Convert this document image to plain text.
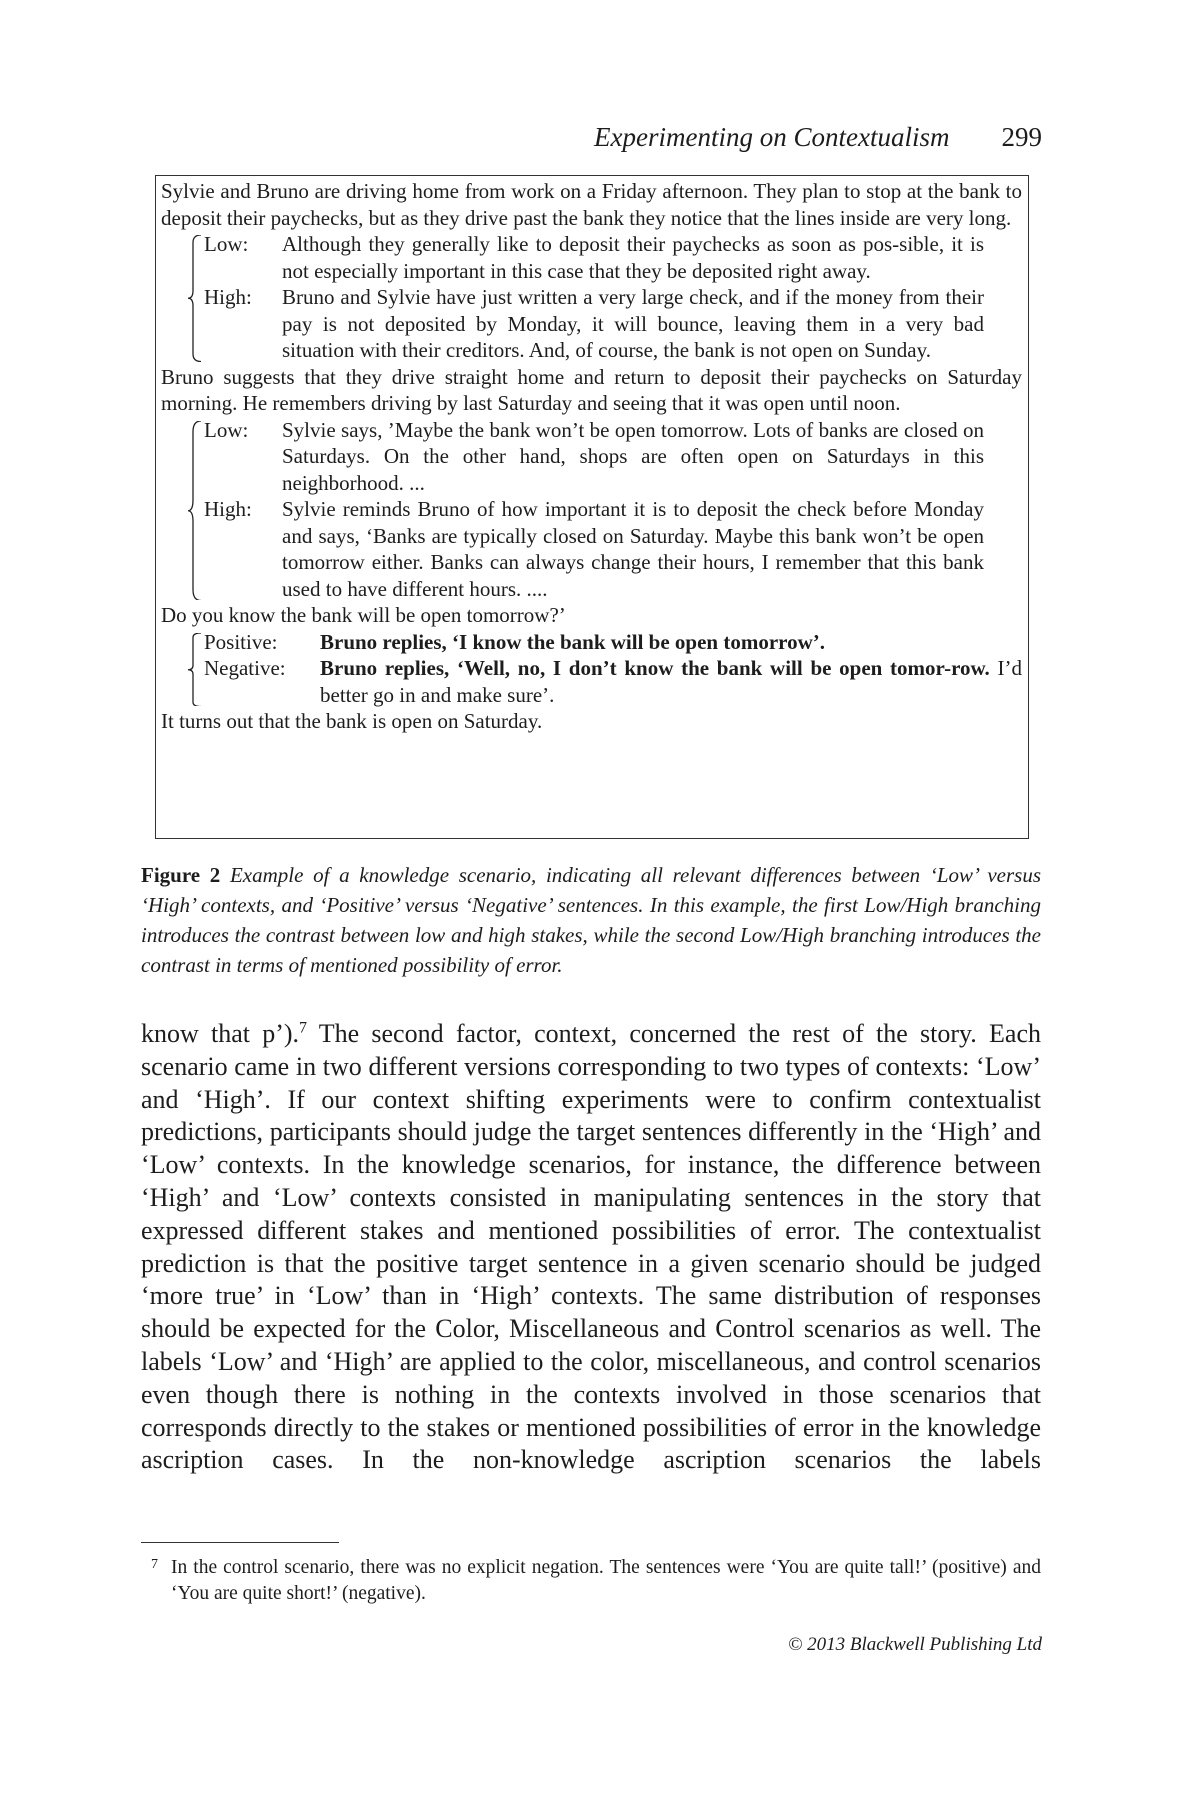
Experimenting on Contextualism 299
Sylvie and Bruno are driving home from work on a Friday afternoon. They plan to stop at the bank to deposit their paychecks, but as they drive past the bank they notice that the lines inside are very long.
Low:	Although they generally like to deposit their paychecks as soon as pos-sible, it is not especially important in this case that they be deposited right away.
High:	Bruno and Sylvie have just written a very large check, and if the money from their pay is not deposited by Monday, it will bounce, leaving them in a very bad situation with their creditors. And, of course, the bank is not open on Sunday.
Bruno suggests that they drive straight home and return to deposit their paychecks on Saturday morning. He remembers driving by last Saturday and seeing that it was open until noon.
Low:	Sylvie says, ’Maybe the bank won’t be open tomorrow. Lots of banks are closed on Saturdays. On the other hand, shops are often open on Saturdays in this neighborhood. ...
High:	Sylvie reminds Bruno of how important it is to deposit the check before Monday and says, ‘Banks are typically closed on Saturday. Maybe this bank won’t be open tomorrow either. Banks can always change their hours, I remember that this bank used to have different hours. ....
Do you know the bank will be open tomorrow?’
Positive:	Bruno replies, ‘I know the bank will be open tomorrow’.
Negative:	Bruno replies, ‘Well, no, I don’t know the bank will be open tomor-row. I’d better go in and make sure’.
It turns out that the bank is open on Saturday.
Figure 2 Example of a knowledge scenario, indicating all relevant differences between ‘Low’ versus ‘High’ contexts, and ‘Positive’ versus ‘Negative’ sentences. In this example, the first Low/High branching introduces the contrast between low and high stakes, while the second Low/High branching introduces the contrast in terms of mentioned possibility of error.
know that p’).$^7$ The second factor, context, concerned the rest of the story. Each scenario came in two different versions corresponding to two types of contexts: ‘Low’ and ‘High’. If our context shifting experiments were to confirm contextualist predictions, participants should judge the target sentences differently in the ‘High’ and ‘Low’ contexts. In the knowledge scenarios, for instance, the difference between ‘High’ and ‘Low’ contexts consisted in manipulating sentences in the story that expressed different stakes and mentioned possibilities of error. The contextualist prediction is that the positive target sentence in a given scenario should be judged ‘more true’ in ‘Low’ than in ‘High’ contexts. The same distribution of responses should be expected for the Color, Miscellaneous and Control scenarios as well. The labels ‘Low’ and ‘High’ are applied to the color, miscellaneous, and control scenarios even though there is nothing in the contexts involved in those scenarios that corresponds directly to the stakes or mentioned possibilities of error in the knowledge ascription cases. In the non-knowledge ascription scenarios the labels
7 In the control scenario, there was no explicit negation. The sentences were ‘You are quite tall!’ (positive) and ‘You are quite short!’ (negative).
© 2013 Blackwell Publishing Ltd
